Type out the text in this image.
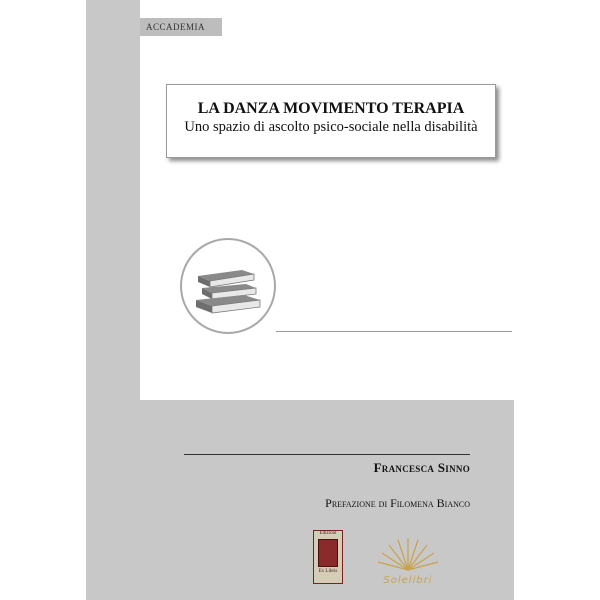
ACCADEMIA
LA DANZA MOVIMENTO TERAPIA
Uno spazio di ascolto psico-sociale nella disabilità
Francesca Sinno
Prefazione di Filomena Bianco
Edizioni
Ex Libris
Solelibri
